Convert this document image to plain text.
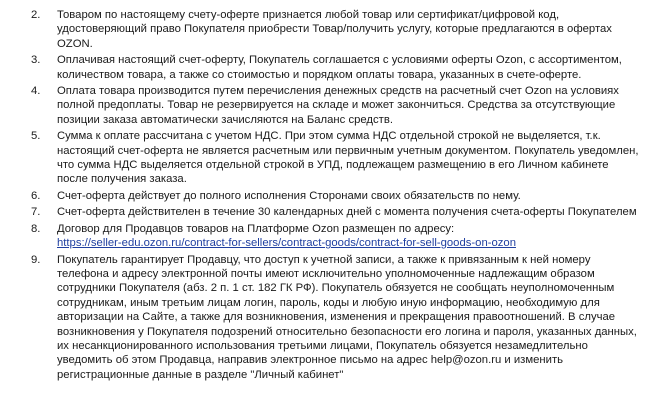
2. Товаром по настоящему счету-оферте признается любой товар или сертификат/цифровой код,
удостоверяющий право Покупателя приобрести Товар/получить услугу, которые предлагаются в офертах
OZON.
3. Оплачивая настоящий счет-оферту, Покупатель соглашается с условиями оферты Ozon, с ассортиментом,
количеством товара, а также со стоимостью и порядком оплаты товара, указанных в счете-оферте.
4. Оплата товара производится путем перечисления денежных средств на расчетный счет Ozon на условиях
полной предоплаты. Товар не резервируется на складе и может закончиться. Средства за отсутствующие
позиции заказа автоматически зачисляются на Баланс средств.
5. Сумма к оплате рассчитана с учетом НДС. При этом сумма НДС отдельной строкой не выделяется, т.к.
настоящий счет-оферта не является расчетным или первичным учетным документом. Покупатель уведомлен,
что сумма НДС выделяется отдельной строкой в УПД, подлежащем размещению в его Личном кабинете
после получения заказа.
6. Счет-оферта действует до полного исполнения Сторонами своих обязательств по нему.
7. Счет-оферта действителен в течение 30 календарных дней с момента получения счета-оферты Покупателем
8. Договор для Продавцов товаров на Платформе Ozon размещен по адресу:
https://seller-edu.ozon.ru/contract-for-sellers/contract-goods/contract-for-sell-goods-on-ozon
9. Покупатель гарантирует Продавцу, что доступ к учетной записи, а также к привязанным к ней номеру
телефона и адресу электронной почты имеют исключительно уполномоченные надлежащим образом
сотрудники Покупателя (абз. 2 п. 1 ст. 182 ГК РФ). Покупатель обязуется не сообщать неуполномоченным
сотрудникам, иным третьим лицам логин, пароль, коды и любую иную информацию, необходимую для
авторизации на Сайте, а также для возникновения, изменения и прекращения правоотношений. В случае
возникновения у Покупателя подозрений относительно безопасности его логина и пароля, указанных данных,
их несанкционированного использования третьими лицами, Покупатель обязуется незамедлительно
уведомить об этом Продавца, направив электронное письмо на адрес help@ozon.ru и изменить
регистрационные данные в разделе "Личный кабинет"
